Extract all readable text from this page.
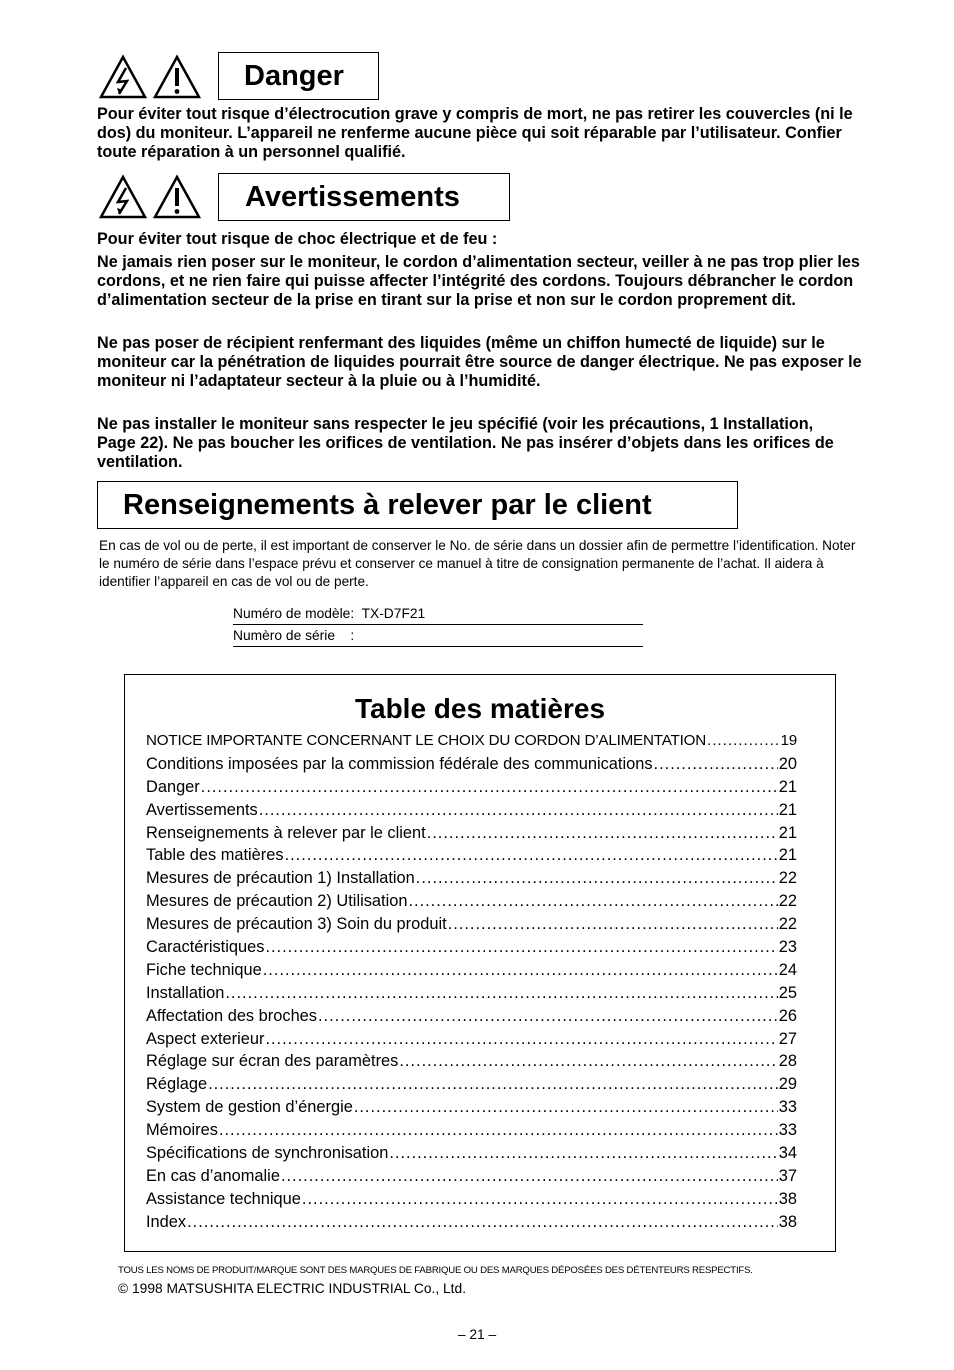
Danger

Pour éviter tout risque d’électrocution grave y compris de mort, ne pas retirer les couvercles (ni le dos) du moniteur. L’appareil ne renferme aucune pièce qui soit réparable par l’utilisateur. Confier toute réparation à un personnel qualifié.

Avertissements

Pour éviter tout risque de choc électrique et de feu :

Ne jamais rien poser sur le moniteur, le cordon d’alimentation secteur, veiller à ne pas trop plier les cordons, et ne rien faire qui puisse affecter l’intégrité des cordons. Toujours débrancher le cordon d’alimentation secteur de la prise en tirant sur la prise et non sur le cordon proprement dit.

Ne pas poser de récipient renfermant des liquides (même un chiffon humecté de liquide) sur le moniteur car la pénétration de liquides pourrait être source de danger électrique. Ne pas exposer le moniteur ni l’adaptateur secteur à la pluie ou à l’humidité.

Ne pas installer le moniteur sans respecter le jeu spécifié (voir les précautions, 1 Installation, Page 22). Ne pas boucher les orifices de ventilation. Ne pas insérer d’objets dans les orifices de ventilation.

Renseignements à relever par le client

En cas de vol ou de perte, il est important de conserver le No. de série dans un dossier afin de permettre l’identification. Noter le numéro de série dans l’espace prévu et conserver ce manuel à titre de consignation permanente de l’achat. Il aidera à identifier l’appareil en cas de vol ou de perte.

Numéro de modèle:  TX-D7F21
Numèro de série    :
Table des matières
NOTICE IMPORTANTE CONCERNANT LE CHOIX DU CORDON D’ALIMENTATION .....	19
Conditions imposées par la commission fédérale des communications .....	20
Danger .....	21
Avertissements .....	21
Renseignements à relever par le client .....	21
Table des matières .....	21
Mesures de précaution 1) Installation .....	22
Mesures de précaution 2) Utilisation .....	22
Mesures de précaution 3) Soin du produit .....	22
Caractéristiques .....	23
Fiche technique .....	24
Installation .....	25
Affectation des broches .....	26
Aspect exterieur .....	27
Réglage sur écran des paramètres .....	28
Réglage .....	29
System de gestion d’énergie .....	33
Mémoires .....	33
Spécifications de synchronisation .....	34
En cas d’anomalie .....	37
Assistance technique .....	38
Index .....	38
TOUS LES NOMS DE PRODUIT/MARQUE SONT DES MARQUES DE FABRIQUE OU DES MARQUES DÉPOSÉES DES DÉTENTEURS RESPECTIFS.
© 1998 MATSUSHITA ELECTRIC INDUSTRIAL Co., Ltd.
– 21 –
